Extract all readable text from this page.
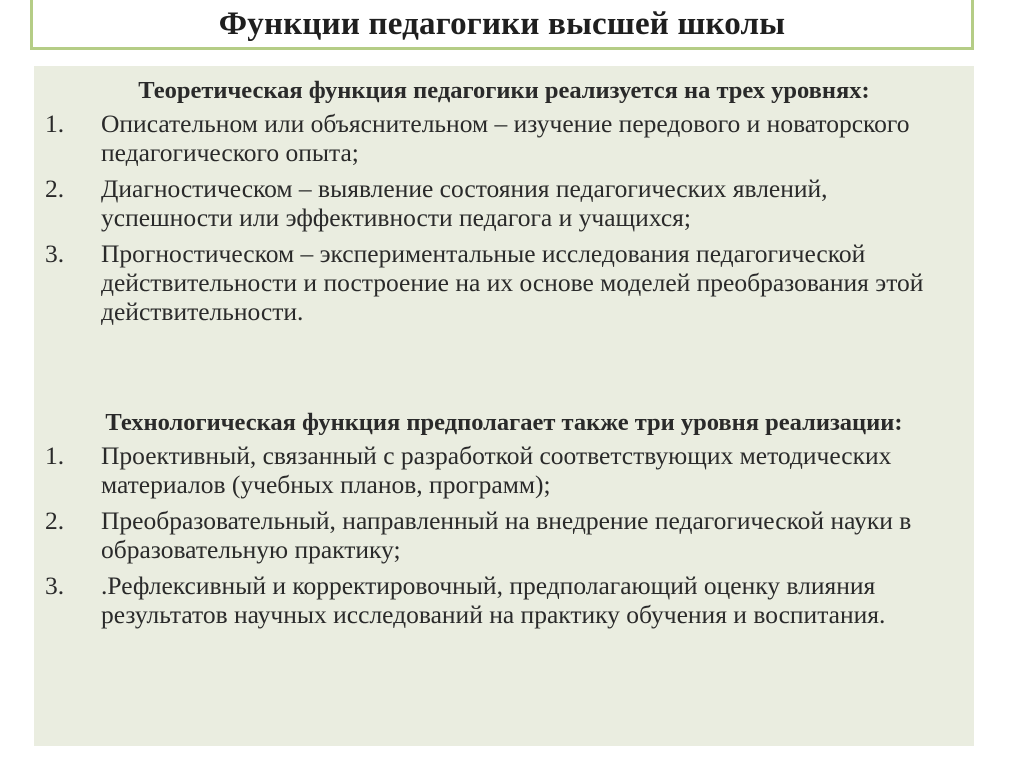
Функции педагогики высшей школы
Теоретическая функция педагогики реализуется на трех уровнях:
1.	Описательном или объяснительном – изучение передового и новаторского педагогического опыта;
2.	Диагностическом – выявление состояния педагогических явлений, успешности или эффективности педагога и учащихся;
3.	Прогностическом – экспериментальные исследования педагогической действительности и построение на их основе моделей преобразования этой действительности.
Технологическая функция предполагает также три уровня реализации:
1.	Проективный, связанный с разработкой соответствующих методических материалов (учебных планов, программ);
2.	Преобразовательный, направленный на внедрение педагогической науки в образовательную практику;
3.	.Рефлексивный и корректировочный, предполагающий оценку влияния результатов научных исследований на практику обучения и воспитания.
